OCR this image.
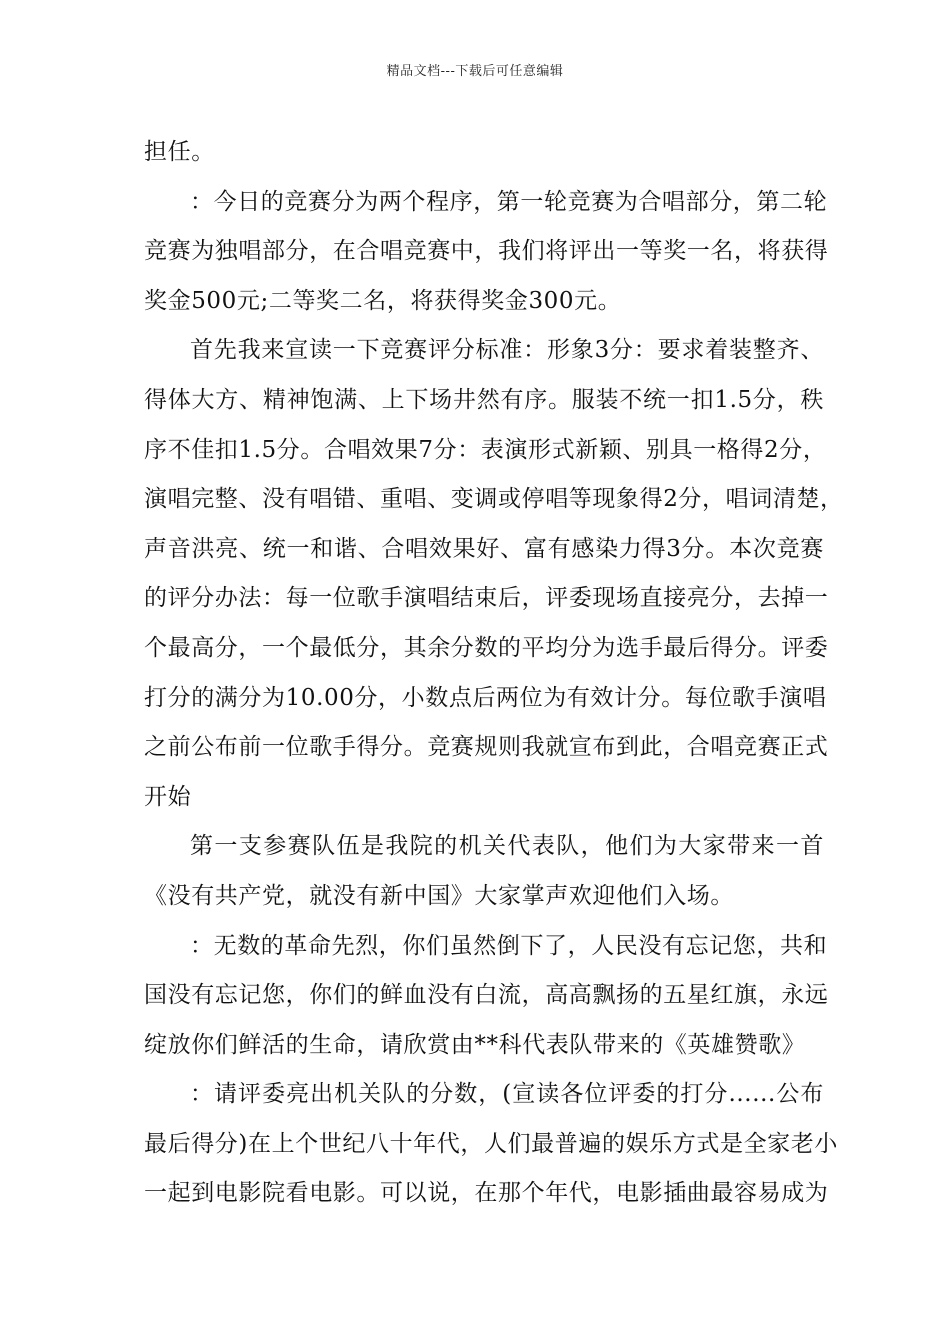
精品文档---下载后可任意编辑

担任。

：今日的竞赛分为两个程序，第一轮竞赛为合唱部分，第二轮
竞赛为独唱部分，在合唱竞赛中，我们将评出一等奖一名，将获得
奖金500元;二等奖二名，将获得奖金300元。

首先我来宣读一下竞赛评分标准：形象3分：要求着装整齐、
得体大方、精神饱满、上下场井然有序。服装不统一扣1.5分，秩
序不佳扣1.5分。合唱效果7分：表演形式新颖、别具一格得2分，
演唱完整、没有唱错、重唱、变调或停唱等现象得2分，唱词清楚，
声音洪亮、统一和谐、合唱效果好、富有感染力得3分。本次竞赛
的评分办法：每一位歌手演唱结束后，评委现场直接亮分，去掉一
个最高分，一个最低分，其余分数的平均分为选手最后得分。评委
打分的满分为10.00分，小数点后两位为有效计分。每位歌手演唱
之前公布前一位歌手得分。竞赛规则我就宣布到此，合唱竞赛正式
开始

第一支参赛队伍是我院的机关代表队，他们为大家带来一首
《没有共产党，就没有新中国》大家掌声欢迎他们入场。

：无数的革命先烈，你们虽然倒下了，人民没有忘记您，共和
国没有忘记您，你们的鲜血没有白流，高高飘扬的五星红旗，永远
绽放你们鲜活的生命，请欣赏由**科代表队带来的《英雄赞歌》

：请评委亮出机关队的分数，(宣读各位评委的打分......公布
最后得分)在上个世纪八十年代，人们最普遍的娱乐方式是全家老小
一起到电影院看电影。可以说，在那个年代，电影插曲最容易成为
